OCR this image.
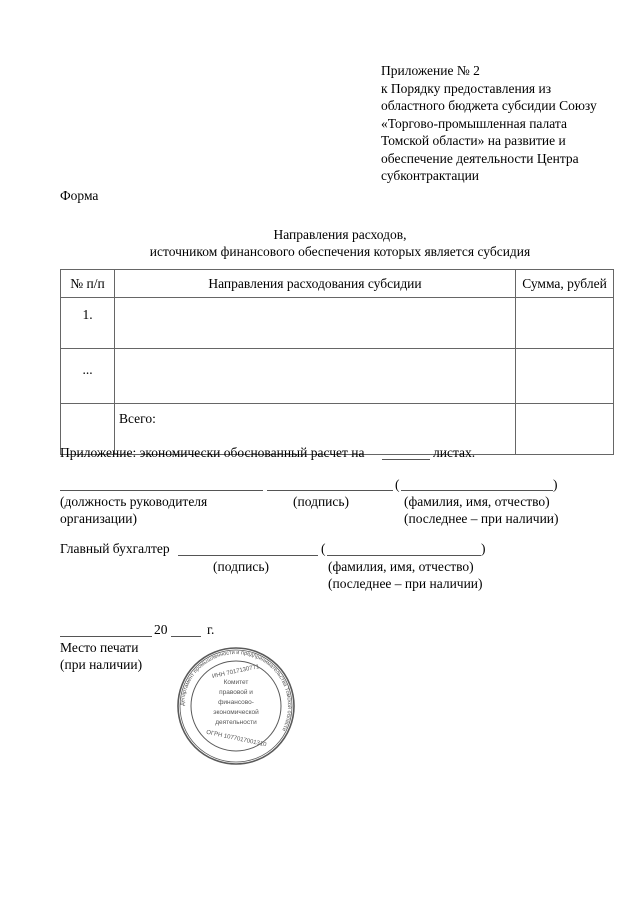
Приложение № 2
к Порядку предоставления из
областного бюджета субсидии Союзу
«Торгово-промышленная палата
Томской области» на развитие и
обеспечение деятельности Центра
субконтрактации
Форма
Направления расходов,
источником финансового обеспечения которых является субсидия
№ п/п	Направления расходования субсидии	Сумма, рублей
1.		
...		
	Всего:	
Приложение: экономически обоснованный расчет на	листах.
(	)
(должность руководителя
организации)
(подпись)	(фамилия, имя, отчество)
(последнее – при наличии)
Главный бухгалтер	(	)
(подпись)	(фамилия, имя, отчество)
(последнее – при наличии)
20	г.
Место печати
(при наличии)
Департамент промышленности и предпринимательства Томской области
ИНН 7017130771
Комитет
правовой и
финансово-
экономической
деятельности
ОГРН 1077017001310
